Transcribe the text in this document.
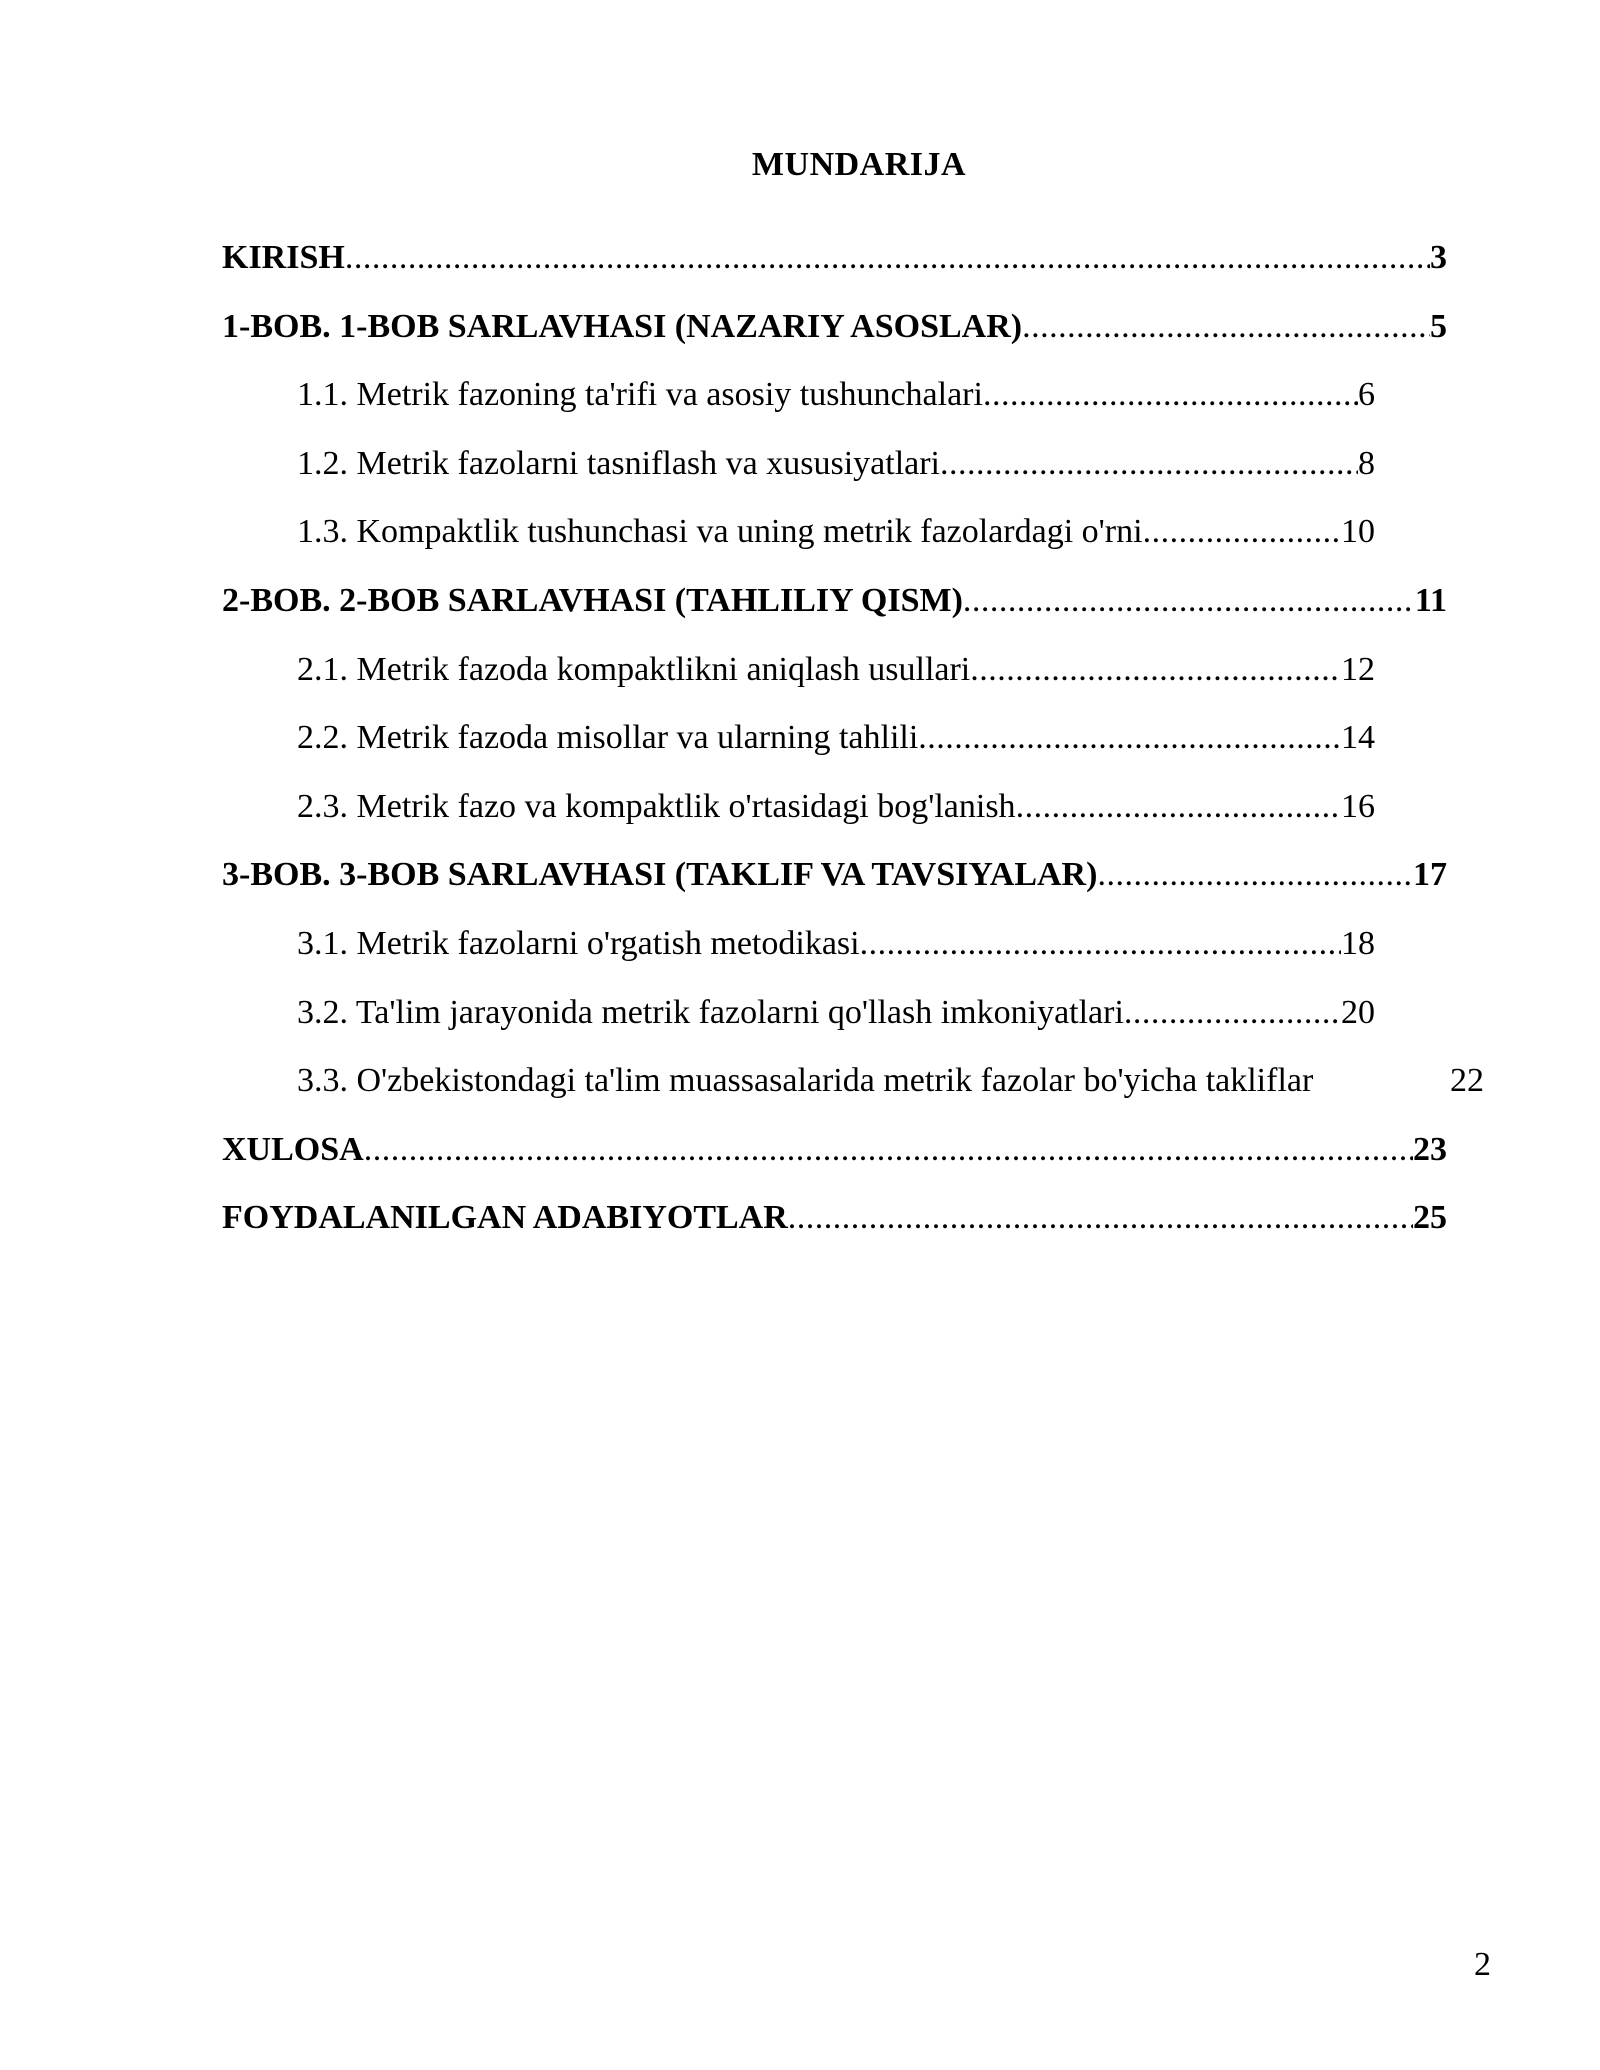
MUNDARIJA
KIRISH .....	3
1-BOB. 1-BOB SARLAVHASI (NAZARIY ASOSLAR) .....	5
1.1. Metrik fazoning ta'rifi va asosiy tushunchalari .....	6
1.2. Metrik fazolarni tasniflash va xususiyatlari .....	8
1.3. Kompaktlik tushunchasi va uning metrik fazolardagi o'rni .....	10
2-BOB. 2-BOB SARLAVHASI (TAHLILIY QISM) .....	11
2.1. Metrik fazoda kompaktlikni aniqlash usullari .....	12
2.2. Metrik fazoda misollar va ularning tahlili .....	14
2.3. Metrik fazo va kompaktlik o'rtasidagi bog'lanish .....	16
3-BOB. 3-BOB SARLAVHASI (TAKLIF VA TAVSIYALAR) .....	17
3.1. Metrik fazolarni o'rgatish metodikasi .....	18
3.2. Ta'lim jarayonida metrik fazolarni qo'llash imkoniyatlari .....	20
3.3. O'zbekistondagi ta'lim muassasalarida metrik fazolar bo'yicha takliflar	22
XULOSA .....	23
FOYDALANILGAN ADABIYOTLAR .....	25
2
